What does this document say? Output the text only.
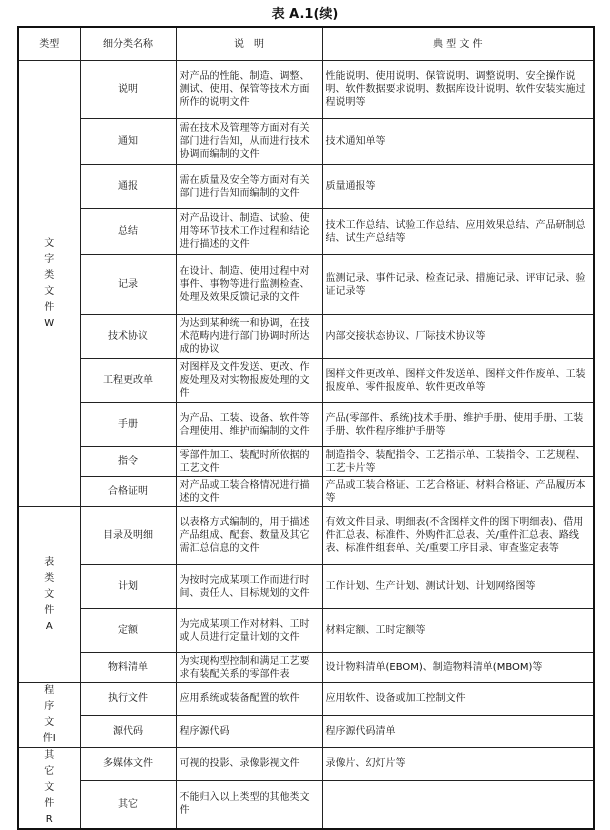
表 A.1(续)
类型	细分类名称	说　明	典 型 文 件
文字类文件W	说明	对产品的性能、制造、调整、测试、使用、保管等技术方面所作的说明文件	性能说明、使用说明、保管说明、调整说明、安全操作说明、软件数据要求说明、数据库设计说明、软件安装实施过程说明等
	通知	需在技术及管理等方面对有关部门进行告知，从而进行技术协调而编制的文件	技术通知单等
	通报	需在质量及安全等方面对有关部门进行告知而编制的文件	质量通报等
	总结	对产品设计、制造、试验、使用等环节技术工作过程和结论进行描述的文件	技术工作总结、试验工作总结、应用效果总结、产品研制总结、试生产总结等
	记录	在设计、制造、使用过程中对事件、事物等进行监测检查、处理及效果反馈记录的文件	监测记录、事件记录、检查记录、措施记录、评审记录、验证记录等
	技术协议	为达到某种统一和协调，在技术范畴内进行部门协调时所达成的协议	内部交接状态协议、厂际技术协议等
	工程更改单	对图样及文件发送、更改、作废处理及对实物报废处理的文件	图样文件更改单、图样文件发送单、图样文件作废单、工装报废单、零件报废单、软件更改单等
	手册	为产品、工装、设备、软件等合理使用、维护而编制的文件	产品(零部件、系统)技术手册、维护手册、使用手册、工装手册、软件程序维护手册等
	指令	零部件加工、装配时所依据的工艺文件	制造指令、装配指令、工艺指示单、工装指令、工艺规程、工艺卡片等
	合格证明	对产品或工装合格情况进行描述的文件	产品或工装合格证、工艺合格证、材料合格证、产品履历本等
表类文件A	目录及明细	以表格方式编制的，用于描述产品组成、配套、数量及其它需汇总信息的文件	有效文件目录、明细表(不含图样文件的图下明细表)、借用件汇总表、标准件、外购件汇总表、关/重件汇总表、路线表、标准件组套单、关/重要工序目录、审查鉴定表等
	计划	为按时完成某项工作而进行时间、责任人、目标规划的文件	工作计划、生产计划、测试计划、计划网络图等
	定额	为完成某项工作对材料、工时或人员进行定量计划的文件	材料定额、工时定额等
	物料清单	为实现构型控制和满足工艺要求有装配关系的零部件表	设计物料清单(EBOM)、制造物料清单(MBOM)等
程序文件I	执行文件	应用系统或装备配置的软件	应用软件、设备或加工控制文件
	源代码	程序源代码	程序源代码清单
其它文件R	多媒体文件	可视的投影、录像影视文件	录像片、幻灯片等
	其它	不能归入以上类型的其他类文件	
